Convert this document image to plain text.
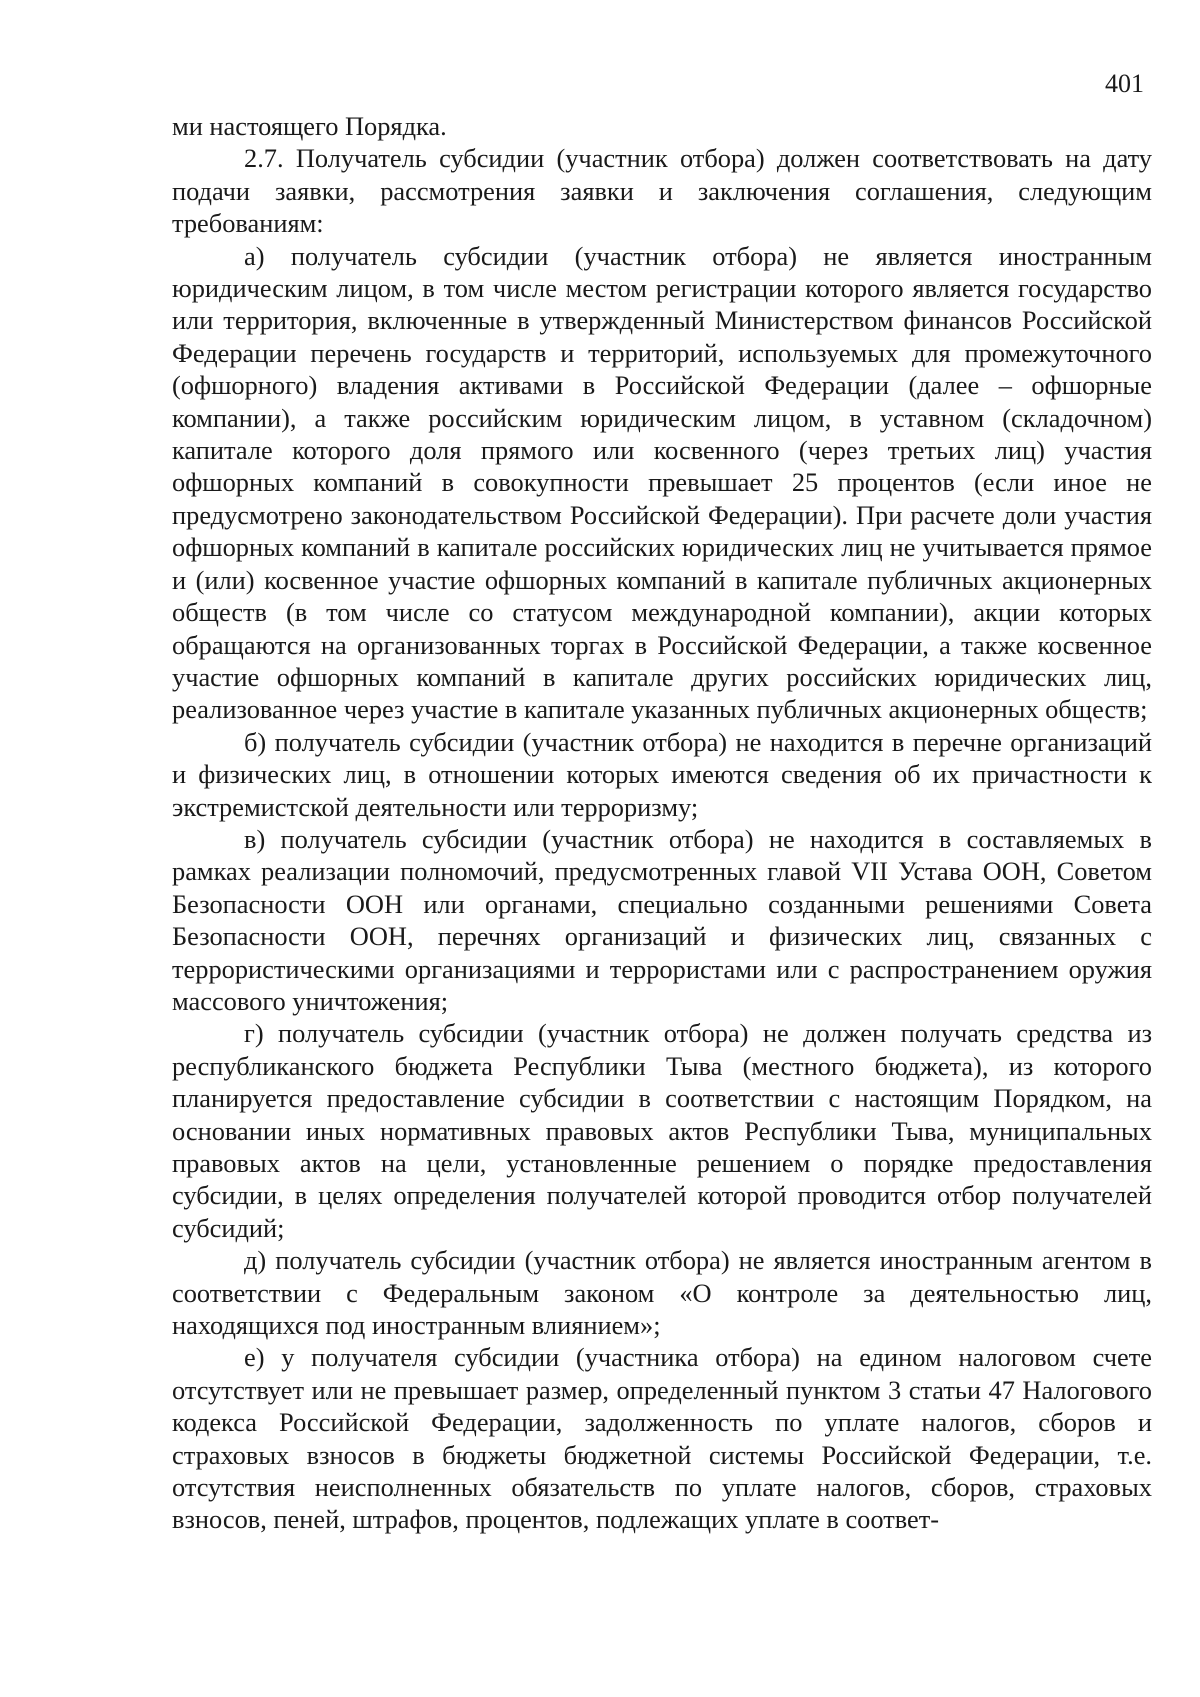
401

ми настоящего Порядка.

2.7. Получатель субсидии (участник отбора) должен соответствовать на дату подачи заявки, рассмотрения заявки и заключения соглашения, следующим требованиям:

а) получатель субсидии (участник отбора) не является иностранным юридическим лицом, в том числе местом регистрации которого является государство или территория, включенные в утвержденный Министерством финансов Российской Федерации перечень государств и территорий, используемых для промежуточного (офшорного) владения активами в Российской Федерации (далее – офшорные компании), а также российским юридическим лицом, в уставном (складочном) капитале которого доля прямого или косвенного (через третьих лиц) участия офшорных компаний в совокупности превышает 25 процентов (если иное не предусмотрено законодательством Российской Федерации). При расчете доли участия офшорных компаний в капитале российских юридических лиц не учитывается прямое и (или) косвенное участие офшорных компаний в капитале публичных акционерных обществ (в том числе со статусом международной компании), акции которых обращаются на организованных торгах в Российской Федерации, а также косвенное участие офшорных компаний в капитале других российских юридических лиц, реализованное через участие в капитале указанных публичных акционерных обществ;

б) получатель субсидии (участник отбора) не находится в перечне организаций и физических лиц, в отношении которых имеются сведения об их причастности к экстремистской деятельности или терроризму;

в) получатель субсидии (участник отбора) не находится в составляемых в рамках реализации полномочий, предусмотренных главой VII Устава ООН, Советом Безопасности ООН или органами, специально созданными решениями Совета Безопасности ООН, перечнях организаций и физических лиц, связанных с террористическими организациями и террористами или с распространением оружия массового уничтожения;

г) получатель субсидии (участник отбора) не должен получать средства из республиканского бюджета Республики Тыва (местного бюджета), из которого планируется предоставление субсидии в соответствии с настоящим Порядком, на основании иных нормативных правовых актов Республики Тыва, муниципальных правовых актов на цели, установленные решением о порядке предоставления субсидии, в целях определения получателей которой проводится отбор получателей субсидий;

д) получатель субсидии (участник отбора) не является иностранным агентом в соответствии с Федеральным законом «О контроле за деятельностью лиц, находящихся под иностранным влиянием»;

е) у получателя субсидии (участника отбора) на едином налоговом счете отсутствует или не превышает размер, определенный пунктом 3 статьи 47 Налогового кодекса Российской Федерации, задолженность по уплате налогов, сборов и страховых взносов в бюджеты бюджетной системы Российской Федерации, т.е. отсутствия неисполненных обязательств по уплате налогов, сборов, страховых взносов, пеней, штрафов, процентов, подлежащих уплате в соответ-
